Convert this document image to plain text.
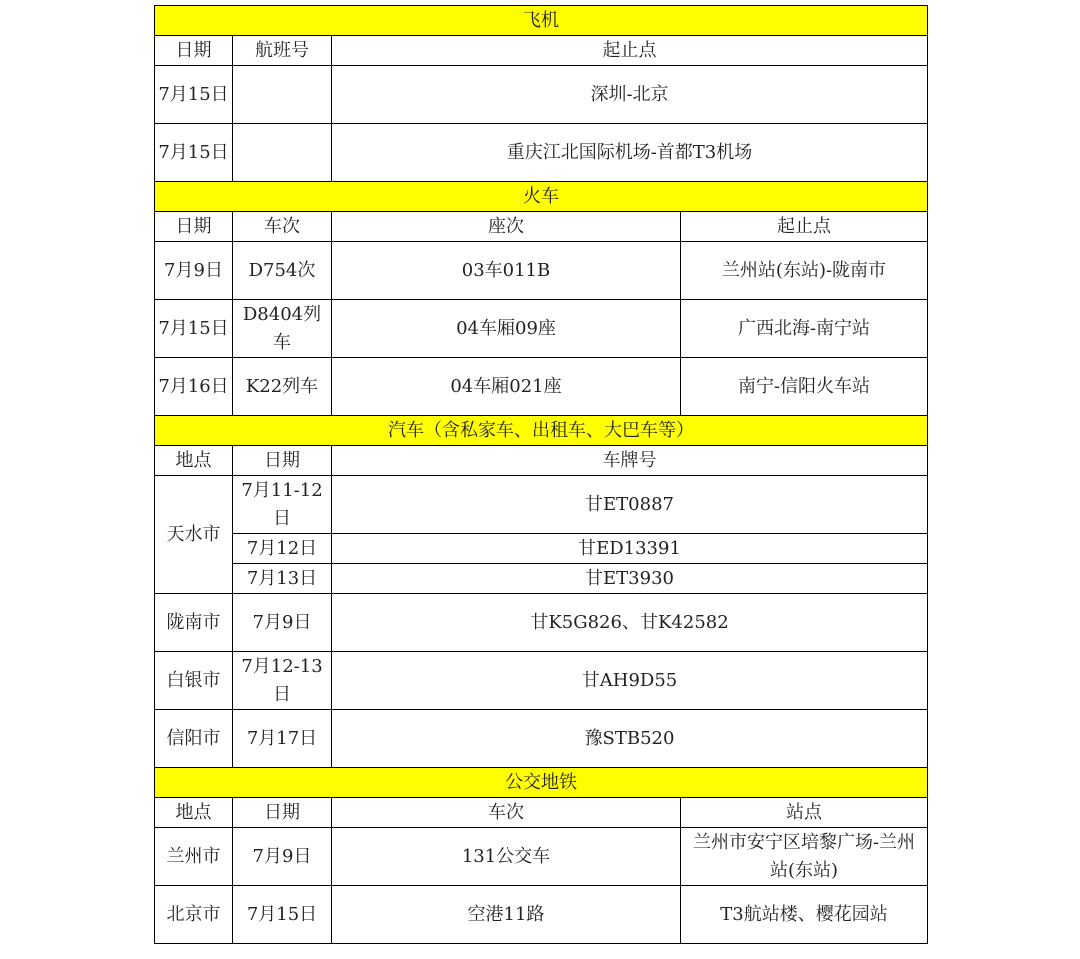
飞机			
日期	航班号	起止点	
7月15日		深圳-北京	
7月15日		重庆江北国际机场-首都T3机场	
火车			
日期	车次	座次	起止点
7月9日	D754次	03车011B	兰州站(东站)-陇南市
7月15日	D8404列车	04车厢09座	广西北海-南宁站
7月16日	K22列车	04车厢021座	南宁-信阳火车站
汽车（含私家车、出租车、大巴车等）			
地点	日期	车牌号	
天水市	7月11-12日	甘ET0887	
	7月12日	甘ED13391	
	7月13日	甘ET3930	
陇南市	7月9日	甘K5G826、甘K42582	
白银市	7月12-13日	甘AH9D55	
信阳市	7月17日	豫STB520	
公交地铁			
地点	日期	车次	站点
兰州市	7月9日	131公交车	兰州市安宁区培黎广场-兰州站(东站)
北京市	7月15日	空港11路	T3航站楼、樱花园站
